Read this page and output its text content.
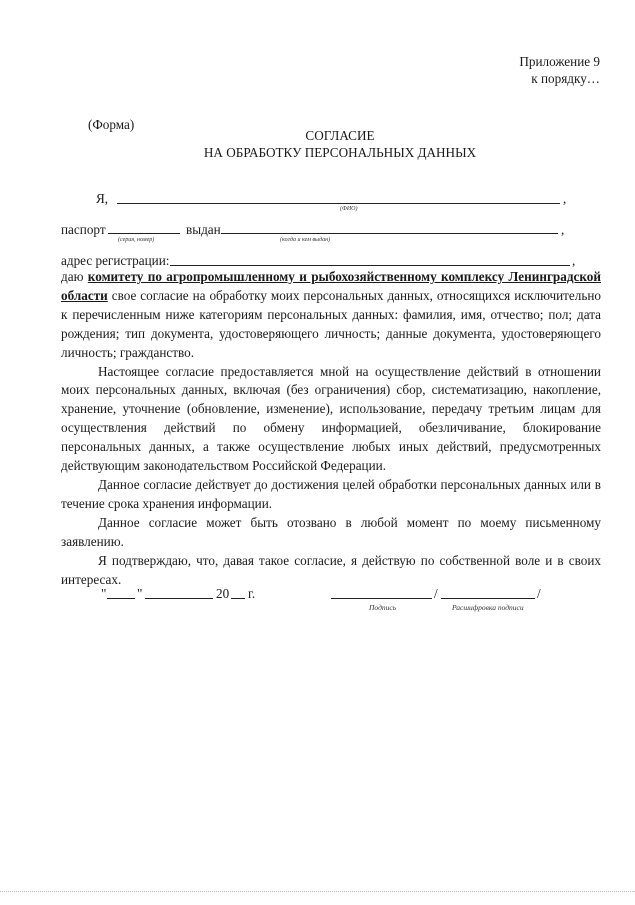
Приложение 9
к порядку…
(Форма)
СОГЛАСИЕ
НА ОБРАБОТКУ ПЕРСОНАЛЬНЫХ ДАННЫХ
Я,	,
(ФИО)
паспорт	выдан	,
(серия, номер)	(когда и кем выдан)
адрес регистрации:	,

даю комитету по агропромышленному и рыбохозяйственному комплексу Ленинградской области свое согласие на обработку моих персональных данных, относящихся исключительно к перечисленным ниже категориям персональных данных: фамилия, имя, отчество; пол; дата рождения; тип документа, удостоверяющего личность; данные документа, удостоверяющего личность; гражданство.

Настоящее согласие предоставляется мной на осуществление действий в отношении моих персональных данных, включая (без ограничения) сбор, систематизацию, накопление, хранение, уточнение (обновление, изменение), использование, передачу третьим лицам для осуществления действий по обмену информацией, обезличивание, блокирование персональных данных, а также осуществление любых иных действий, предусмотренных действующим законодательством Российской Федерации.

Данное согласие действует до достижения целей обработки персональных данных или в течение срока хранения информации.

Данное согласие может быть отозвано в любой момент по моему письменному заявлению.

Я подтверждаю, что, давая такое согласие, я действую по собственной воле и в своих интересах.

" "	20 г.	/	/
Подпись	Расшифровка подписи
